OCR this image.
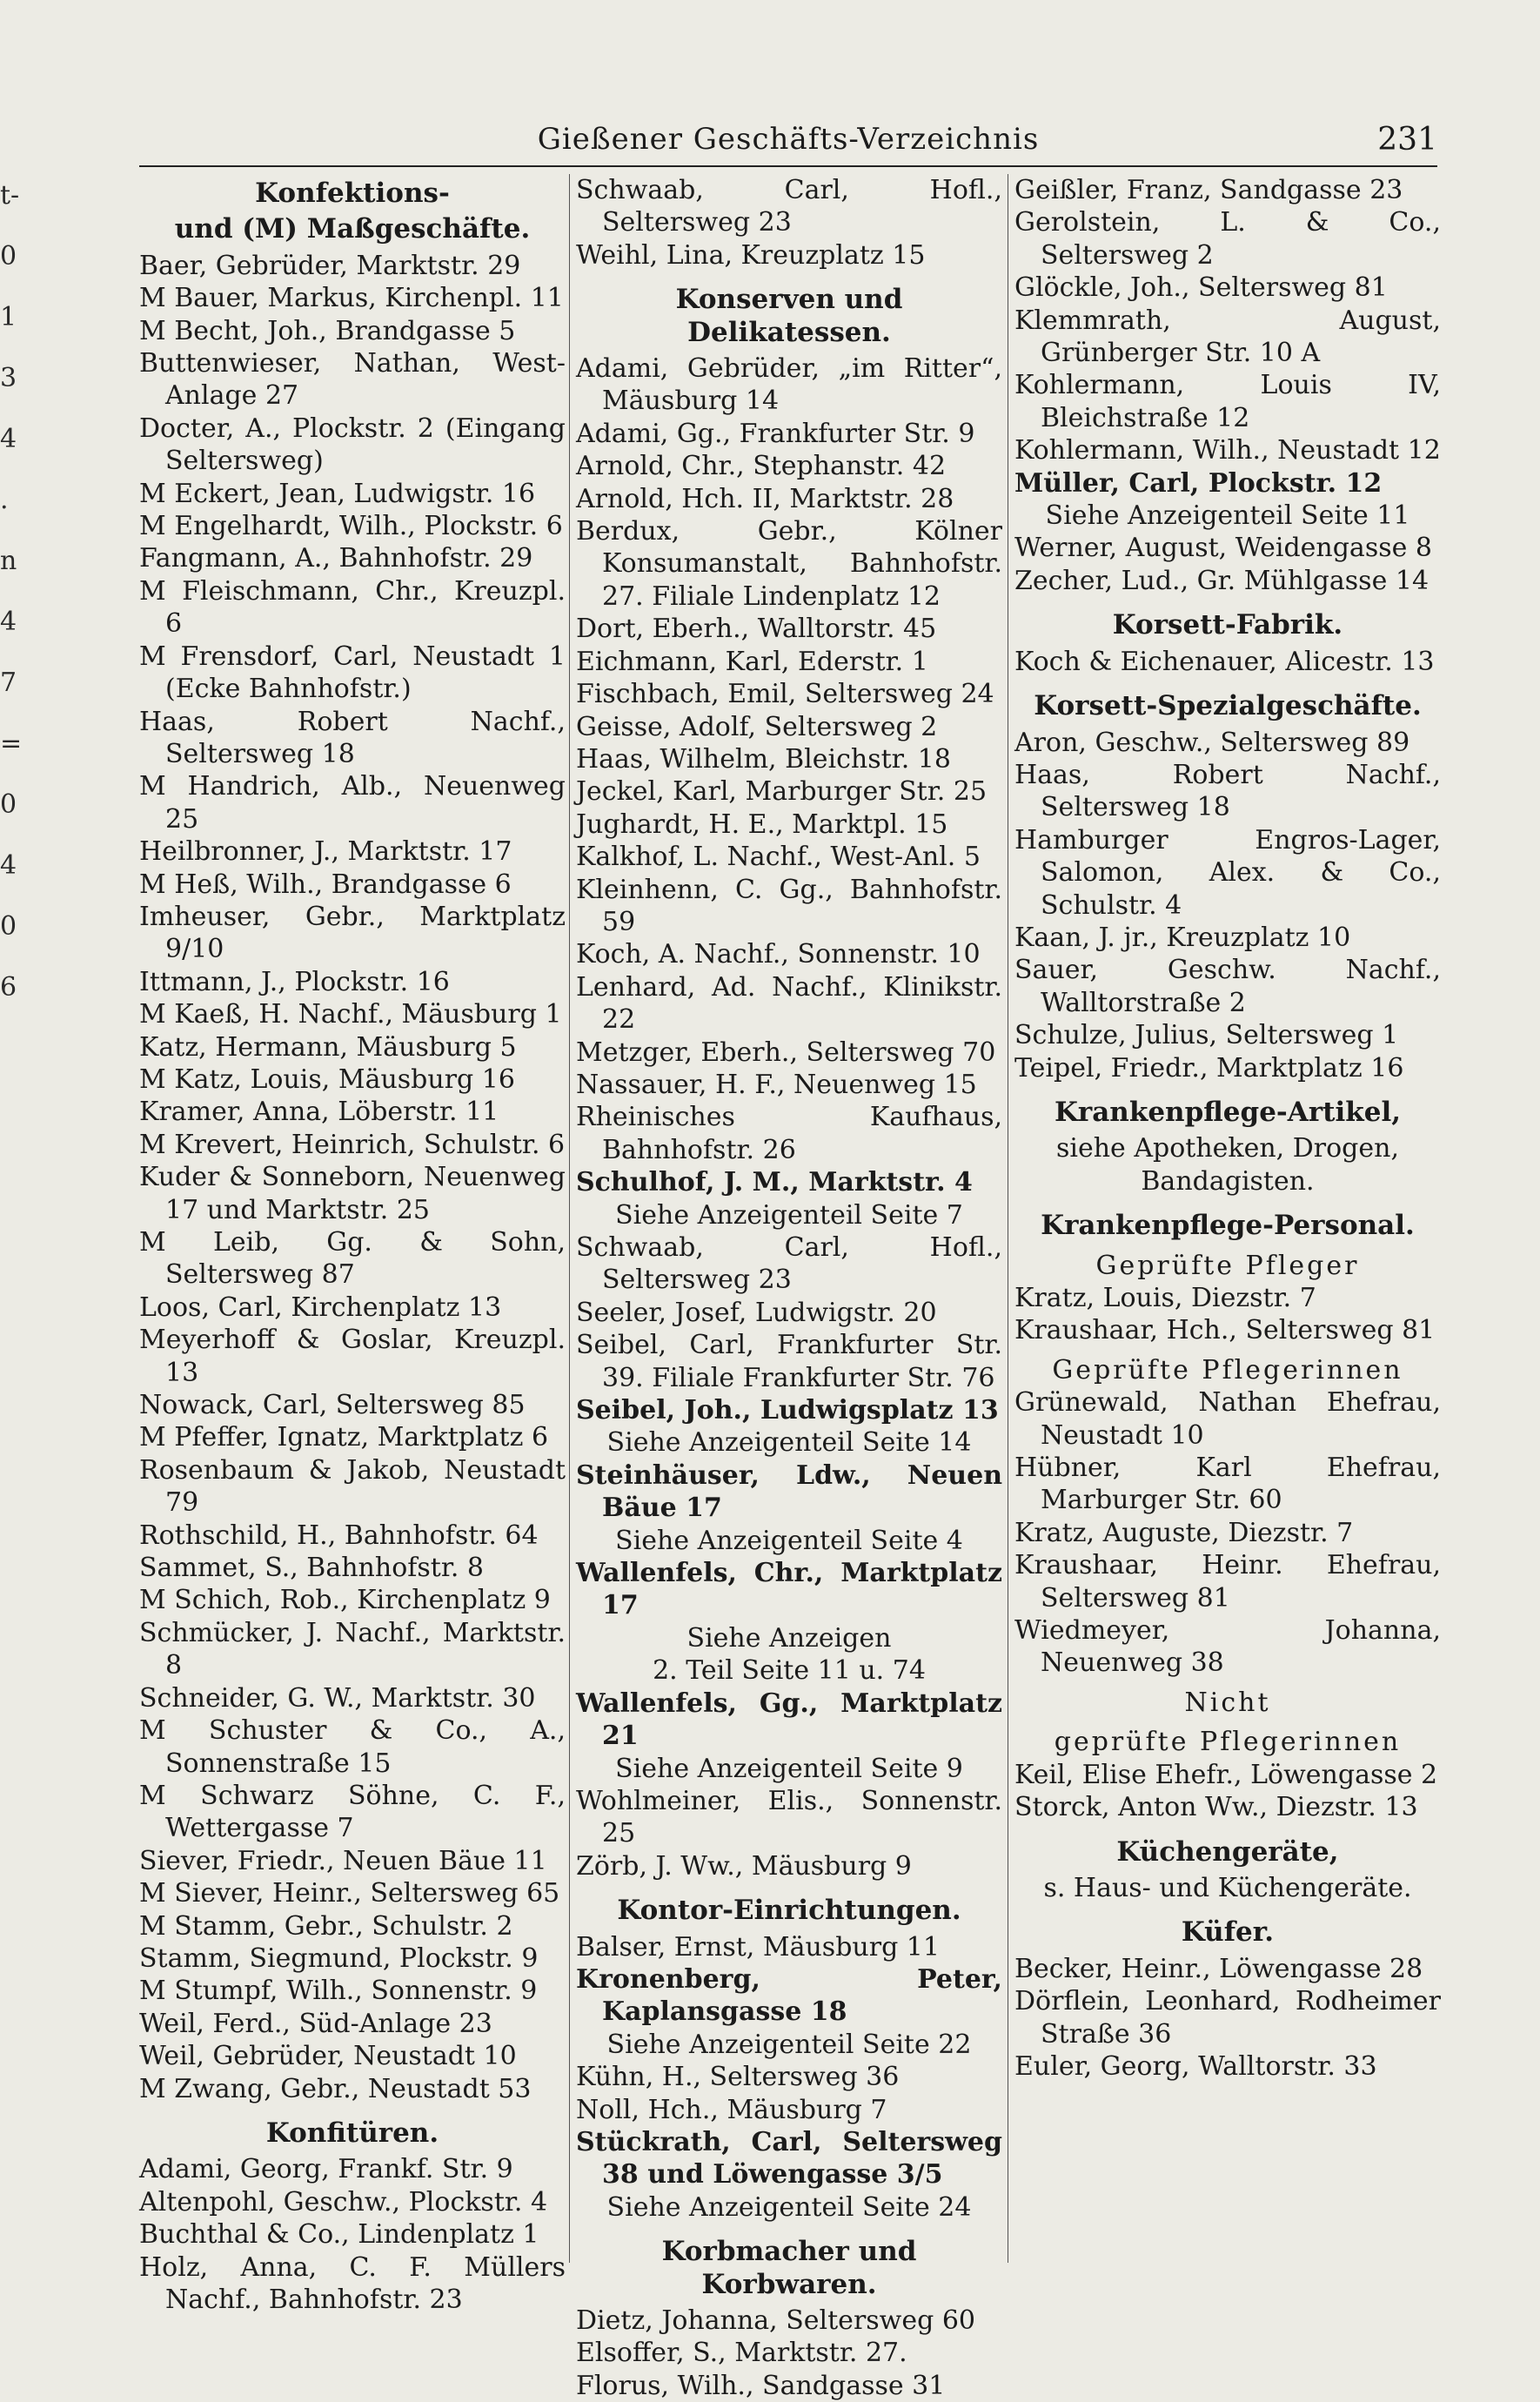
t-
0
1
3
4
.
n
4
7
=
0
4
0
6
Gießener Geschäfts-Verzeichnis	231
Konfektions-
und (M) Maßgeschäfte.
Baer, Gebrüder, Marktstr. 29
M Bauer, Markus, Kirchenpl. 11
M Becht, Joh., Brandgasse 5
Buttenwieser, Nathan, West-Anlage 27
Docter, A., Plockstr. 2 (Eingang Seltersweg)
M Eckert, Jean, Ludwigstr. 16
M Engelhardt, Wilh., Plockstr. 6
Fangmann, A., Bahnhofstr. 29
M Fleischmann, Chr., Kreuzpl. 6
M Frensdorf, Carl, Neustadt 1 (Ecke Bahnhofstr.)
Haas, Robert Nachf., Seltersweg 18
M Handrich, Alb., Neuenweg 25
Heilbronner, J., Marktstr. 17
M Heß, Wilh., Brandgasse 6
Imheuser, Gebr., Marktplatz 9/10
Ittmann, J., Plockstr. 16
M Kaeß, H. Nachf., Mäusburg 1
Katz, Hermann, Mäusburg 5
M Katz, Louis, Mäusburg 16
Kramer, Anna, Löberstr. 11
M Krevert, Heinrich, Schulstr. 6
Kuder & Sonneborn, Neuenweg 17 und Marktstr. 25
M Leib, Gg. & Sohn, Seltersweg 87
Loos, Carl, Kirchenplatz 13
Meyerhoff & Goslar, Kreuzpl. 13
Nowack, Carl, Seltersweg 85
M Pfeffer, Ignatz, Marktplatz 6
Rosenbaum & Jakob, Neustadt 79
Rothschild, H., Bahnhofstr. 64
Sammet, S., Bahnhofstr. 8
M Schich, Rob., Kirchenplatz 9
Schmücker, J. Nachf., Marktstr. 8
Schneider, G. W., Marktstr. 30
M Schuster & Co., A., Sonnenstraße 15
M Schwarz Söhne, C. F., Wettergasse 7
Siever, Friedr., Neuen Bäue 11
M Siever, Heinr., Seltersweg 65
M Stamm, Gebr., Schulstr. 2
Stamm, Siegmund, Plockstr. 9
M Stumpf, Wilh., Sonnenstr. 9
Weil, Ferd., Süd-Anlage 23
Weil, Gebrüder, Neustadt 10
M Zwang, Gebr., Neustadt 53
Konfitüren.
Adami, Georg, Frankf. Str. 9
Altenpohl, Geschw., Plockstr. 4
Buchthal & Co., Lindenplatz 1
Holz, Anna, C. F. Müllers Nachf., Bahnhofstr. 23
Schwaab, Carl, Hofl., Seltersweg 23
Weihl, Lina, Kreuzplatz 15
Konserven und Delikatessen.
Adami, Gebrüder, „im Ritter“, Mäusburg 14
Adami, Gg., Frankfurter Str. 9
Arnold, Chr., Stephanstr. 42
Arnold, Hch. II, Marktstr. 28
Berdux, Gebr., Kölner Konsumanstalt, Bahnhofstr. 27. Filiale Lindenplatz 12
Dort, Eberh., Walltorstr. 45
Eichmann, Karl, Ederstr. 1
Fischbach, Emil, Seltersweg 24
Geisse, Adolf, Seltersweg 2
Haas, Wilhelm, Bleichstr. 18
Jeckel, Karl, Marburger Str. 25
Jughardt, H. E., Marktpl. 15
Kalkhof, L. Nachf., West-Anl. 5
Kleinhenn, C. Gg., Bahnhofstr. 59
Koch, A. Nachf., Sonnenstr. 10
Lenhard, Ad. Nachf., Klinikstr. 22
Metzger, Eberh., Seltersweg 70
Nassauer, H. F., Neuenweg 15
Rheinisches Kaufhaus, Bahnhofstr. 26
Schulhof, J. M., Marktstr. 4
Siehe Anzeigenteil Seite 7
Schwaab, Carl, Hofl., Seltersweg 23
Seeler, Josef, Ludwigstr. 20
Seibel, Carl, Frankfurter Str. 39. Filiale Frankfurter Str. 76
Seibel, Joh., Ludwigsplatz 13
Siehe Anzeigenteil Seite 14
Steinhäuser, Ldw., Neuen Bäue 17
Siehe Anzeigenteil Seite 4
Wallenfels, Chr., Marktplatz 17
Siehe Anzeigen
2. Teil Seite 11 u. 74
Wallenfels, Gg., Marktplatz 21
Siehe Anzeigenteil Seite 9
Wohlmeiner, Elis., Sonnenstr. 25
Zörb, J. Ww., Mäusburg 9
Kontor-Einrichtungen.
Balser, Ernst, Mäusburg 11
Kronenberg, Peter, Kaplansgasse 18
Siehe Anzeigenteil Seite 22
Kühn, H., Seltersweg 36
Noll, Hch., Mäusburg 7
Stückrath, Carl, Seltersweg 38 und Löwengasse 3/5
Siehe Anzeigenteil Seite 24
Korbmacher und Korbwaren.
Dietz, Johanna, Seltersweg 60
Elsoffer, S., Marktstr. 27.
Florus, Wilh., Sandgasse 31
Geißler, Franz, Sandgasse 23
Gerolstein, L. & Co., Seltersweg 2
Glöckle, Joh., Seltersweg 81
Klemmrath, August, Grünberger Str. 10 A
Kohlermann, Louis IV, Bleichstraße 12
Kohlermann, Wilh., Neustadt 12
Müller, Carl, Plockstr. 12
Siehe Anzeigenteil Seite 11
Werner, August, Weidengasse 8
Zecher, Lud., Gr. Mühlgasse 14
Korsett-Fabrik.
Koch & Eichenauer, Alicestr. 13
Korsett-Spezialgeschäfte.
Aron, Geschw., Seltersweg 89
Haas, Robert Nachf., Seltersweg 18
Hamburger Engros-Lager, Salomon, Alex. & Co., Schulstr. 4
Kaan, J. jr., Kreuzplatz 10
Sauer, Geschw. Nachf., Walltorstraße 2
Schulze, Julius, Seltersweg 1
Teipel, Friedr., Marktplatz 16
Krankenpflege-Artikel,
siehe Apotheken, Drogen,
Bandagisten.
Krankenpflege-Personal.
Geprüfte Pfleger
Kratz, Louis, Diezstr. 7
Kraushaar, Hch., Seltersweg 81
Geprüfte Pflegerinnen
Grünewald, Nathan Ehefrau, Neustadt 10
Hübner, Karl Ehefrau, Marburger Str. 60
Kratz, Auguste, Diezstr. 7
Kraushaar, Heinr. Ehefrau, Seltersweg 81
Wiedmeyer, Johanna, Neuenweg 38
Nicht
geprüfte Pflegerinnen
Keil, Elise Ehefr., Löwengasse 2
Storck, Anton Ww., Diezstr. 13
Küchengeräte,
s. Haus- und Küchengeräte.
Küfer.
Becker, Heinr., Löwengasse 28
Dörflein, Leonhard, Rodheimer Straße 36
Euler, Georg, Walltorstr. 33
